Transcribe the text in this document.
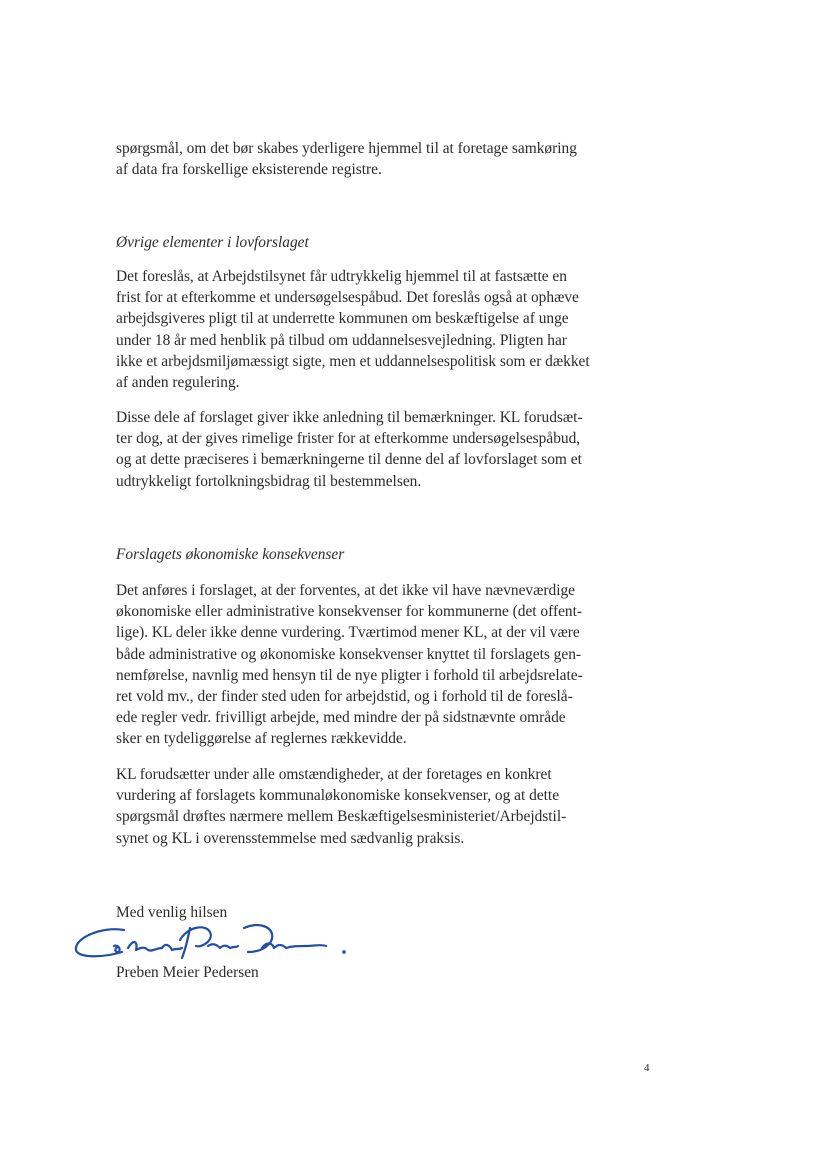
spørgsmål, om det bør skabes yderligere hjemmel til at foretage samkøring
af data fra forskellige eksisterende registre.

Øvrige elementer i lovforslaget

Det foreslås, at Arbejdstilsynet får udtrykkelig hjemmel til at fastsætte en
frist for at efterkomme et undersøgelsespåbud. Det foreslås også at ophæve
arbejdsgiveres pligt til at underrette kommunen om beskæftigelse af unge
under 18 år med henblik på tilbud om uddannelsesvejledning. Pligten har
ikke et arbejdsmiljømæssigt sigte, men et uddannelsespolitisk som er dækket
af anden regulering.

Disse dele af forslaget giver ikke anledning til bemærkninger. KL forudsæt-
ter dog, at der gives rimelige frister for at efterkomme undersøgelsespåbud,
og at dette præciseres i bemærkningerne til denne del af lovforslaget som et
udtrykkeligt fortolkningsbidrag til bestemmelsen.

Forslagets økonomiske konsekvenser

Det anføres i forslaget, at der forventes, at det ikke vil have nævneværdige
økonomiske eller administrative konsekvenser for kommunerne (det offent-
lige). KL deler ikke denne vurdering. Tværtimod mener KL, at der vil være
både administrative og økonomiske konsekvenser knyttet til forslagets gen-
nemførelse, navnlig med hensyn til de nye pligter i forhold til arbejdsrelate-
ret vold mv., der finder sted uden for arbejdstid, og i forhold til de foreslå-
ede regler vedr. frivilligt arbejde, med mindre der på sidstnævnte område
sker en tydeliggørelse af reglernes rækkevidde.

KL forudsætter under alle omstændigheder, at der foretages en konkret
vurdering af forslagets kommunaløkonomiske konsekvenser, og at dette
spørgsmål drøftes nærmere mellem Beskæftigelsesministeriet/Arbejdstil-
synet og KL i overensstemmelse med sædvanlig praksis.

Med venlig hilsen
Preben Meier Pedersen
4
